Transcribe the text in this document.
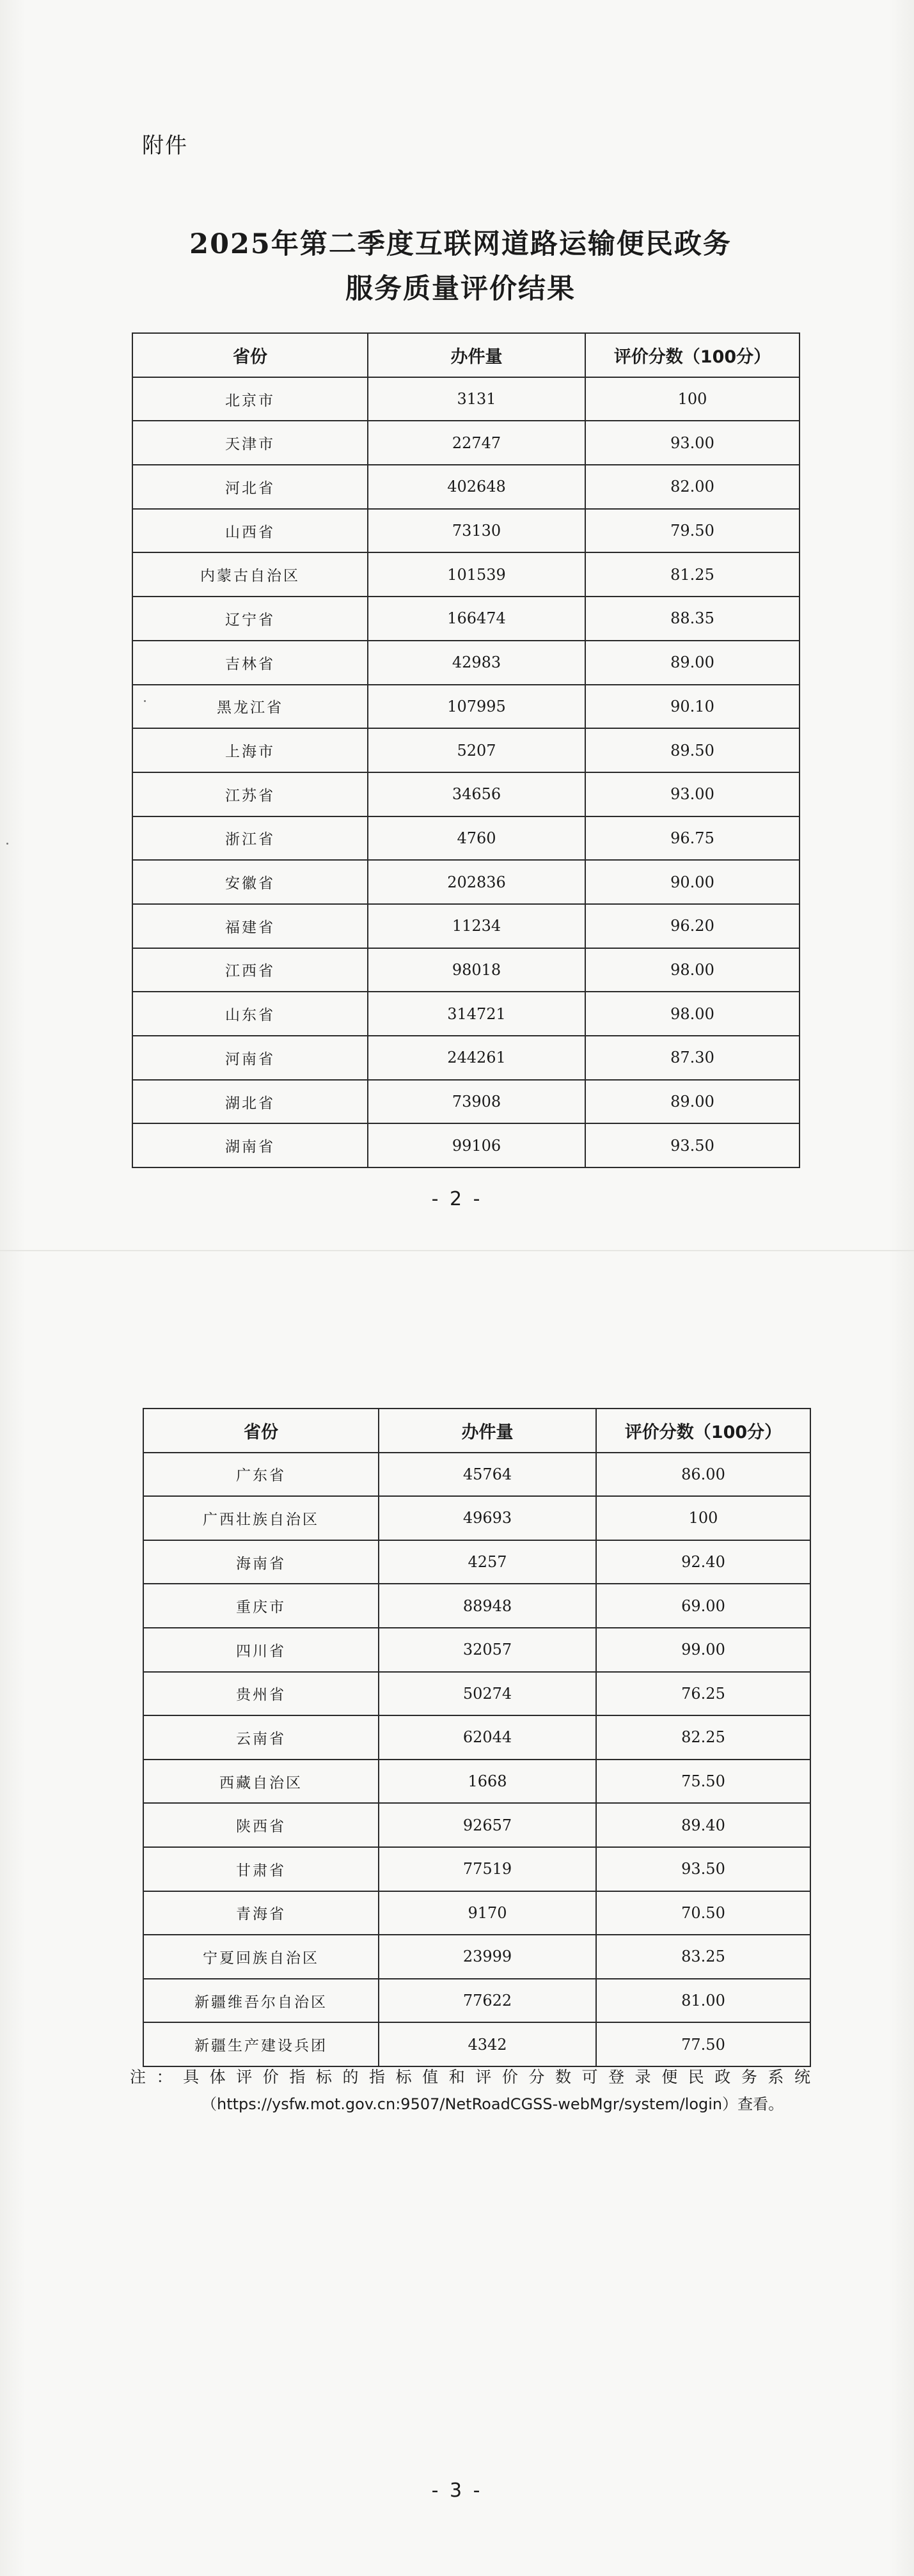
附件
2025年第二季度互联网道路运输便民政务
服务质量评价结果
省份	办件量	评价分数（100分）
北京市	3131	100
天津市	22747	93.00
河北省	402648	82.00
山西省	73130	79.50
内蒙古自治区	101539	81.25
辽宁省	166474	88.35
吉林省	42983	89.00
黑龙江省	107995	90.10
上海市	5207	89.50
江苏省	34656	93.00
浙江省	4760	96.75
安徽省	202836	90.00
福建省	11234	96.20
江西省	98018	98.00
山东省	314721	98.00
河南省	244261	87.30
湖北省	73908	89.00
湖南省	99106	93.50
- 2 -
省份	办件量	评价分数（100分）
广东省	45764	86.00
广西壮族自治区	49693	100
海南省	4257	92.40
重庆市	88948	69.00
四川省	32057	99.00
贵州省	50274	76.25
云南省	62044	82.25
西藏自治区	1668	75.50
陕西省	92657	89.40
甘肃省	77519	93.50
青海省	9170	70.50
宁夏回族自治区	23999	83.25
新疆维吾尔自治区	77622	81.00
新疆生产建设兵团	4342	77.50
注：具体评价指标的指标值和评价分数可登录便民政务系统
（https://ysfw.mot.gov.cn:9507/NetRoadCGSS-webMgr/system/login）查看。
- 3 -
